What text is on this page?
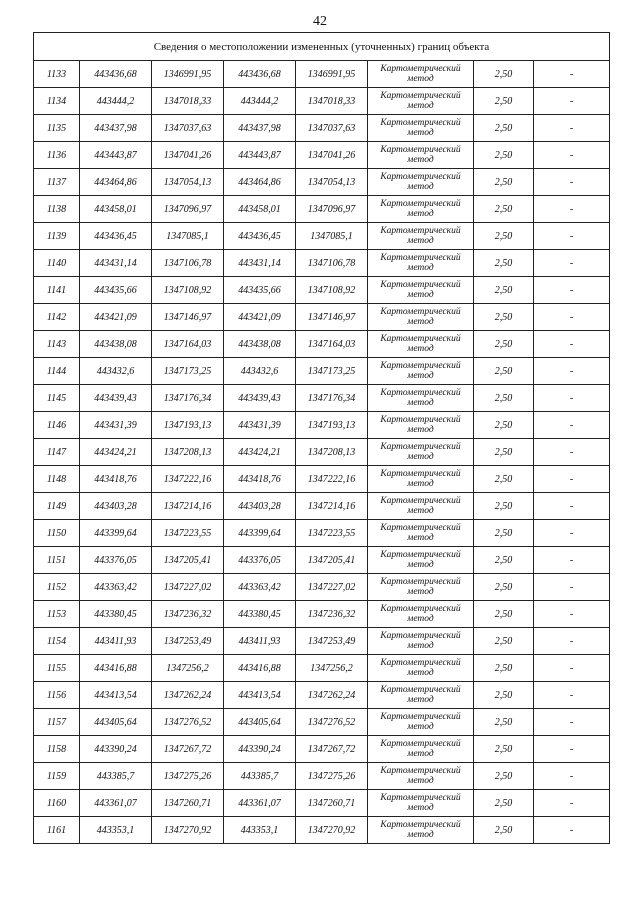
42
Сведения о местоположении измененных (уточненных) границ объекта							
1133	443436,68	1346991,95	443436,68	1346991,95	Картометрический метод	2,50	-
1134	443444,2	1347018,33	443444,2	1347018,33	Картометрический метод	2,50	-
1135	443437,98	1347037,63	443437,98	1347037,63	Картометрический метод	2,50	-
1136	443443,87	1347041,26	443443,87	1347041,26	Картометрический метод	2,50	-
1137	443464,86	1347054,13	443464,86	1347054,13	Картометрический метод	2,50	-
1138	443458,01	1347096,97	443458,01	1347096,97	Картометрический метод	2,50	-
1139	443436,45	1347085,1	443436,45	1347085,1	Картометрический метод	2,50	-
1140	443431,14	1347106,78	443431,14	1347106,78	Картометрический метод	2,50	-
1141	443435,66	1347108,92	443435,66	1347108,92	Картометрический метод	2,50	-
1142	443421,09	1347146,97	443421,09	1347146,97	Картометрический метод	2,50	-
1143	443438,08	1347164,03	443438,08	1347164,03	Картометрический метод	2,50	-
1144	443432,6	1347173,25	443432,6	1347173,25	Картометрический метод	2,50	-
1145	443439,43	1347176,34	443439,43	1347176,34	Картометрический метод	2,50	-
1146	443431,39	1347193,13	443431,39	1347193,13	Картометрический метод	2,50	-
1147	443424,21	1347208,13	443424,21	1347208,13	Картометрический метод	2,50	-
1148	443418,76	1347222,16	443418,76	1347222,16	Картометрический метод	2,50	-
1149	443403,28	1347214,16	443403,28	1347214,16	Картометрический метод	2,50	-
1150	443399,64	1347223,55	443399,64	1347223,55	Картометрический метод	2,50	-
1151	443376,05	1347205,41	443376,05	1347205,41	Картометрический метод	2,50	-
1152	443363,42	1347227,02	443363,42	1347227,02	Картометрический метод	2,50	-
1153	443380,45	1347236,32	443380,45	1347236,32	Картометрический метод	2,50	-
1154	443411,93	1347253,49	443411,93	1347253,49	Картометрический метод	2,50	-
1155	443416,88	1347256,2	443416,88	1347256,2	Картометрический метод	2,50	-
1156	443413,54	1347262,24	443413,54	1347262,24	Картометрический метод	2,50	-
1157	443405,64	1347276,52	443405,64	1347276,52	Картометрический метод	2,50	-
1158	443390,24	1347267,72	443390,24	1347267,72	Картометрический метод	2,50	-
1159	443385,7	1347275,26	443385,7	1347275,26	Картометрический метод	2,50	-
1160	443361,07	1347260,71	443361,07	1347260,71	Картометрический метод	2,50	-
1161	443353,1	1347270,92	443353,1	1347270,92	Картометрический метод	2,50	-
